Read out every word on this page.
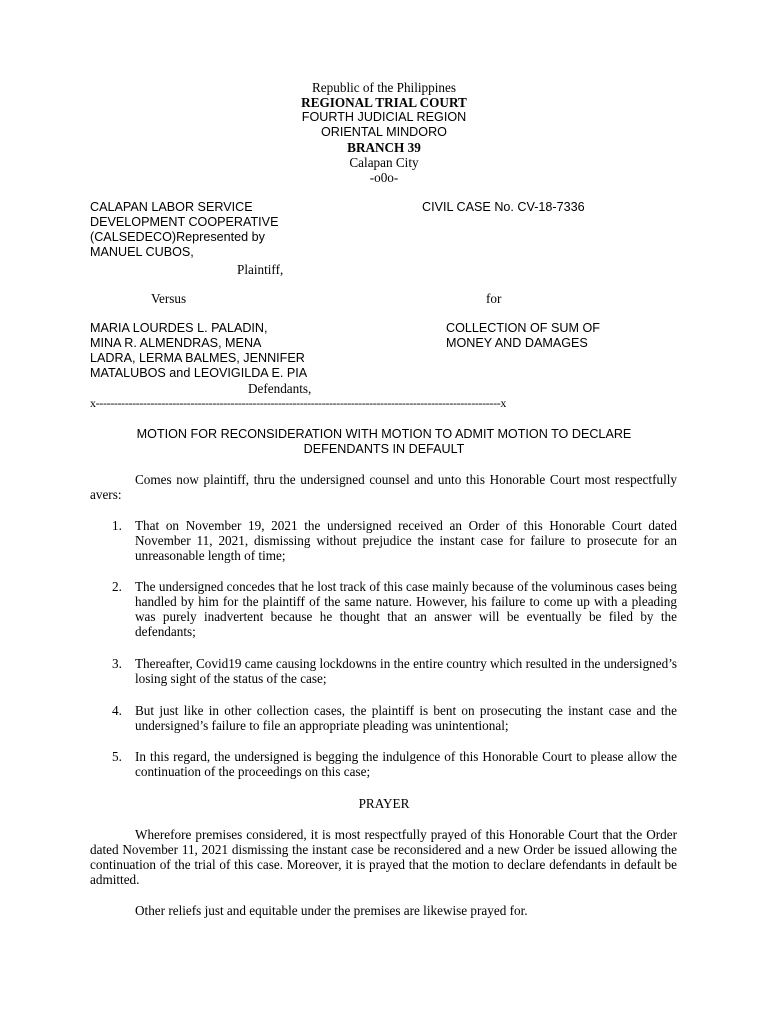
Republic of the Philippines
REGIONAL TRIAL COURT
FOURTH JUDICIAL REGION
ORIENTAL MINDORO
BRANCH 39
Calapan City
-o0o-
CALAPAN LABOR SERVICE
DEVELOPMENT COOPERATIVE
(CALSEDECO)Represented by
MANUEL CUBOS,
Plaintiff,
CIVIL CASE No. CV-18-7336
Versus	for
MARIA LOURDES L. PALADIN,
MINA R. ALMENDRAS, MENA
LADRA, LERMA BALMES, JENNIFER
MATALUBOS and LEOVIGILDA E. PIA
Defendants,
COLLECTION OF SUM OF
MONEY AND DAMAGES
x---------------------------------------------------------------------------------------------------------------x
MOTION FOR RECONSIDERATION WITH MOTION TO ADMIT MOTION TO DECLARE
DEFENDANTS IN DEFAULT
Comes now plaintiff, thru the undersigned counsel and unto this Honorable Court most respectfully avers:
1. That on November 19, 2021 the undersigned received an Order of this Honorable Court dated November 11, 2021, dismissing without prejudice the instant case for failure to prosecute for an unreasonable length of time;
2. The undersigned concedes that he lost track of this case mainly because of the voluminous cases being handled by him for the plaintiff of the same nature. However, his failure to come up with a pleading was purely inadvertent because he thought that an answer will be eventually be filed by the defendants;
3. Thereafter, Covid19 came causing lockdowns in the entire country which resulted in the undersigned’s losing sight of the status of the case;
4. But just like in other collection cases, the plaintiff is bent on prosecuting the instant case and the undersigned’s failure to file an appropriate pleading was unintentional;
5. In this regard, the undersigned is begging the indulgence of this Honorable Court to please allow the continuation of the proceedings on this case;
PRAYER
Wherefore premises considered, it is most respectfully prayed of this Honorable Court that the Order dated November 11, 2021 dismissing the instant case be reconsidered and a new Order be issued allowing the continuation of the trial of this case. Moreover, it is prayed that the motion to declare defendants in default be admitted.
Other reliefs just and equitable under the premises are likewise prayed for.
